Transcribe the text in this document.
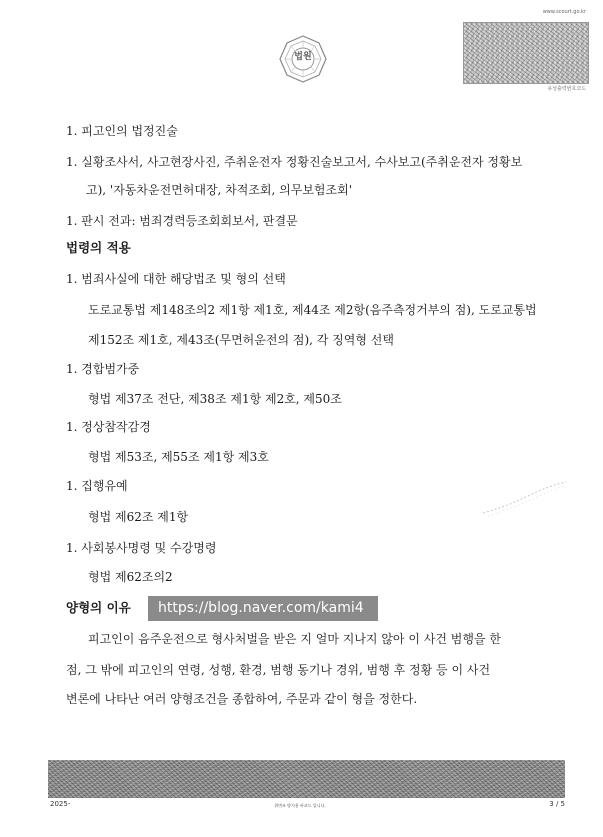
www.scourt.go.kr
유성출력번호코드
법원
1. 피고인의 법정진술
1. 실황조사서, 사고현장사진, 주취운전자 정황진술보고서, 수사보고(주취운전자 정황보
고), '자동차운전면허대장, 차적조회, 의무보험조회'
1. 판시 전과: 범죄경력등조회회보서, 판결문
법령의 적용
1. 범죄사실에 대한 해당법조 및 형의 선택
도로교통법 제148조의2 제1항 제1호, 제44조 제2항(음주측정거부의 점), 도로교통법
제152조 제1호, 제43조(무면허운전의 점), 각 징역형 선택
1. 경합범가중
형법 제37조 전단, 제38조 제1항 제2호, 제50조
1. 정상참작감경
형법 제53조, 제55조 제1항 제3호
1. 집행유예
형법 제62조 제1항
1. 사회봉사명령 및 수강명령
형법 제62조의2
양형의 이유	https://blog.naver.com/kami4
피고인이 음주운전으로 형사처벌을 받은 지 얼마 지나지 않아 이 사건 범행을 한
점, 그 밖에 피고인의 연령, 성행, 환경, 범행 동기나 경위, 범행 후 정황 등 이 사건
변론에 나타난 여러 양형조건을 종합하여, 주문과 같이 형을 정한다.
2025-	위변조 방지용 바코드 입니다.	3 / 5
